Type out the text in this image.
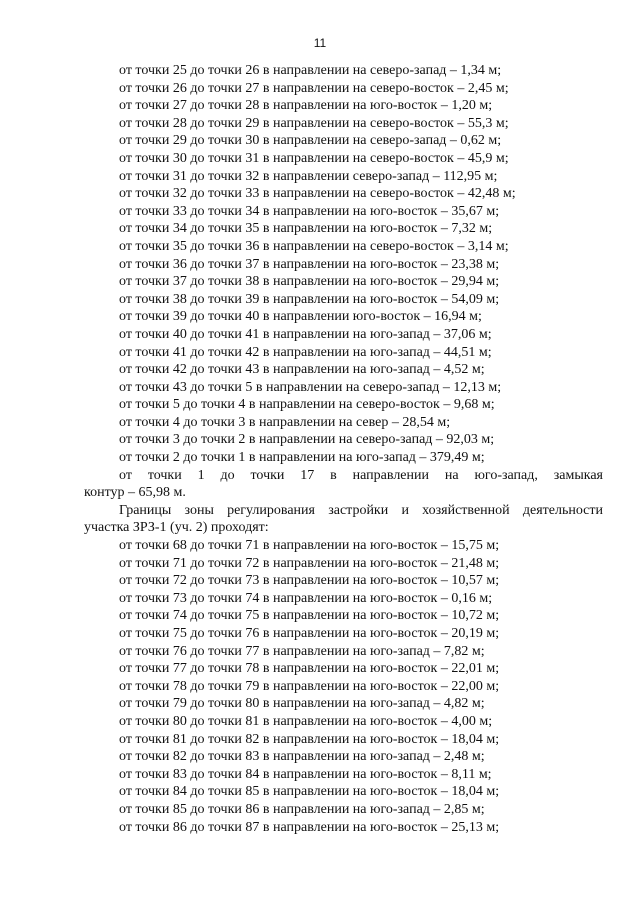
11
от точки 25 до точки 26 в направлении на северо-запад – 1,34 м;
от точки 26 до точки 27 в направлении на северо-восток – 2,45 м;
от точки 27 до точки 28 в направлении на юго-восток – 1,20 м;
от точки 28 до точки 29 в направлении на северо-восток – 55,3 м;
от точки 29 до точки 30 в направлении на северо-запад – 0,62 м;
от точки 30 до точки 31 в направлении на северо-восток – 45,9 м;
от точки 31 до точки 32 в направлении северо-запад – 112,95 м;
от точки 32 до точки 33 в направлении на северо-восток – 42,48 м;
от точки 33 до точки 34 в направлении на юго-восток – 35,67 м;
от точки 34 до точки 35 в направлении на юго-восток – 7,32 м;
от точки 35 до точки 36 в направлении на северо-восток – 3,14 м;
от точки 36 до точки 37 в направлении на юго-восток – 23,38 м;
от точки 37 до точки 38 в направлении на юго-восток – 29,94 м;
от точки 38 до точки 39 в направлении на юго-восток – 54,09 м;
от точки 39 до точки 40 в направлении юго-восток – 16,94 м;
от точки 40 до точки 41 в направлении на юго-запад – 37,06 м;
от точки 41 до точки 42 в направлении на юго-запад – 44,51 м;
от точки 42 до точки 43 в направлении на юго-запад – 4,52 м;
от точки 43 до точки 5 в направлении на северо-запад – 12,13 м;
от точки 5 до точки 4 в направлении на северо-восток – 9,68 м;
от точки 4 до точки 3 в направлении на север – 28,54 м;
от точки 3 до точки 2 в направлении на северо-запад – 92,03 м;
от точки 2 до точки 1 в направлении на юго-запад – 379,49 м;
от точки 1 до точки 17 в направлении на юго-запад, замыкая
контур – 65,98 м.
Границы зоны регулирования застройки и хозяйственной деятельности
участка ЗРЗ-1 (уч. 2) проходят:
от точки 68 до точки 71 в направлении на юго-восток – 15,75 м;
от точки 71 до точки 72 в направлении на юго-восток – 21,48 м;
от точки 72 до точки 73 в направлении на юго-восток – 10,57 м;
от точки 73 до точки 74 в направлении на юго-восток – 0,16 м;
от точки 74 до точки 75 в направлении на юго-восток – 10,72 м;
от точки 75 до точки 76 в направлении на юго-восток – 20,19 м;
от точки 76 до точки 77 в направлении на юго-запад – 7,82 м;
от точки 77 до точки 78 в направлении на юго-восток – 22,01 м;
от точки 78 до точки 79 в направлении на юго-восток – 22,00 м;
от точки 79 до точки 80 в направлении на юго-запад – 4,82 м;
от точки 80 до точки 81 в направлении на юго-восток – 4,00 м;
от точки 81 до точки 82 в направлении на юго-восток – 18,04 м;
от точки 82 до точки 83 в направлении на юго-запад – 2,48 м;
от точки 83 до точки 84 в направлении на юго-восток – 8,11 м;
от точки 84 до точки 85 в направлении на юго-восток – 18,04 м;
от точки 85 до точки 86 в направлении на юго-запад – 2,85 м;
от точки 86 до точки 87 в направлении на юго-восток – 25,13 м;
